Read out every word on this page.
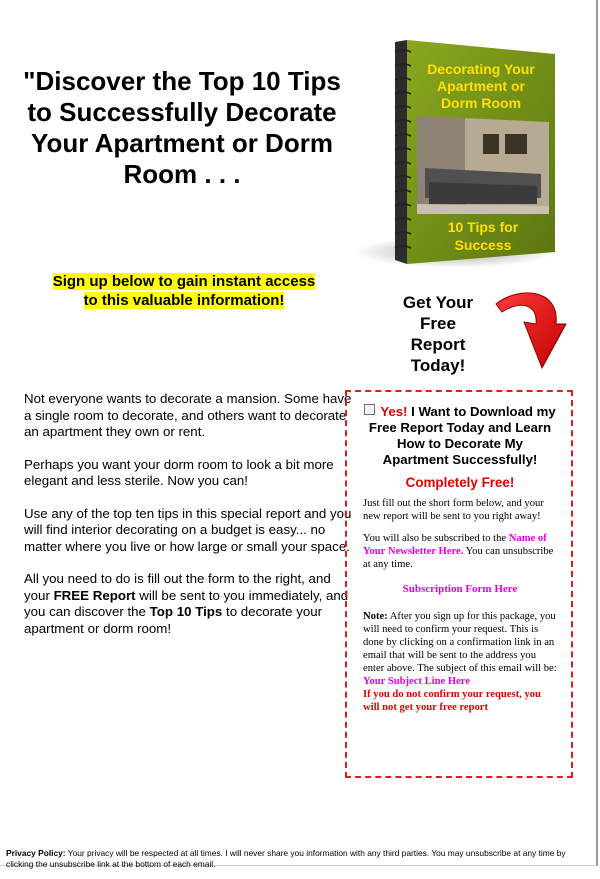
"Discover the Top 10 Tips to Successfully Decorate Your Apartment or Dorm Room . . .
Decorating Your
Apartment or
Dorm Room
10 Tips for
Success
Sign up below to gain instant access
to this valuable information!	Get Your
Free
Report
Today!

Not everyone wants to decorate a mansion. Some have a single room to decorate, and others want to decorate an apartment they own or rent.

Perhaps you want your dorm room to look a bit more elegant and less sterile. Now you can!

Use any of the top ten tips in this special report and you will find interior decorating on a budget is easy... no matter where you live or how large or small your space.

All you need to do is fill out the form to the right, and your FREE Report will be sent to you immediately, and you can discover the Top 10 Tips to decorate your apartment or dorm room!

Yes! I Want to Download my Free Report Today and Learn How to Decorate My Apartment Successfully!
Completely Free!

Just fill out the short form below, and your new report will be sent to you right away!

You will also be subscribed to the Name of Your Newsletter Here. You can unsubscribe at any time.

Subscription Form Here

Note: After you sign up for this package, you will need to confirm your request. This is done by clicking on a confirmation link in an email that will be sent to the address you enter above. The subject of this email will be: Your Subject Line Here
If you do not confirm your request, you will not get your free report

Privacy Policy: Your privacy will be respected at all times. I will never share you information with any third parties. You may unsubscribe at any time by clicking the unsubscribe link at the bottom of each email.
